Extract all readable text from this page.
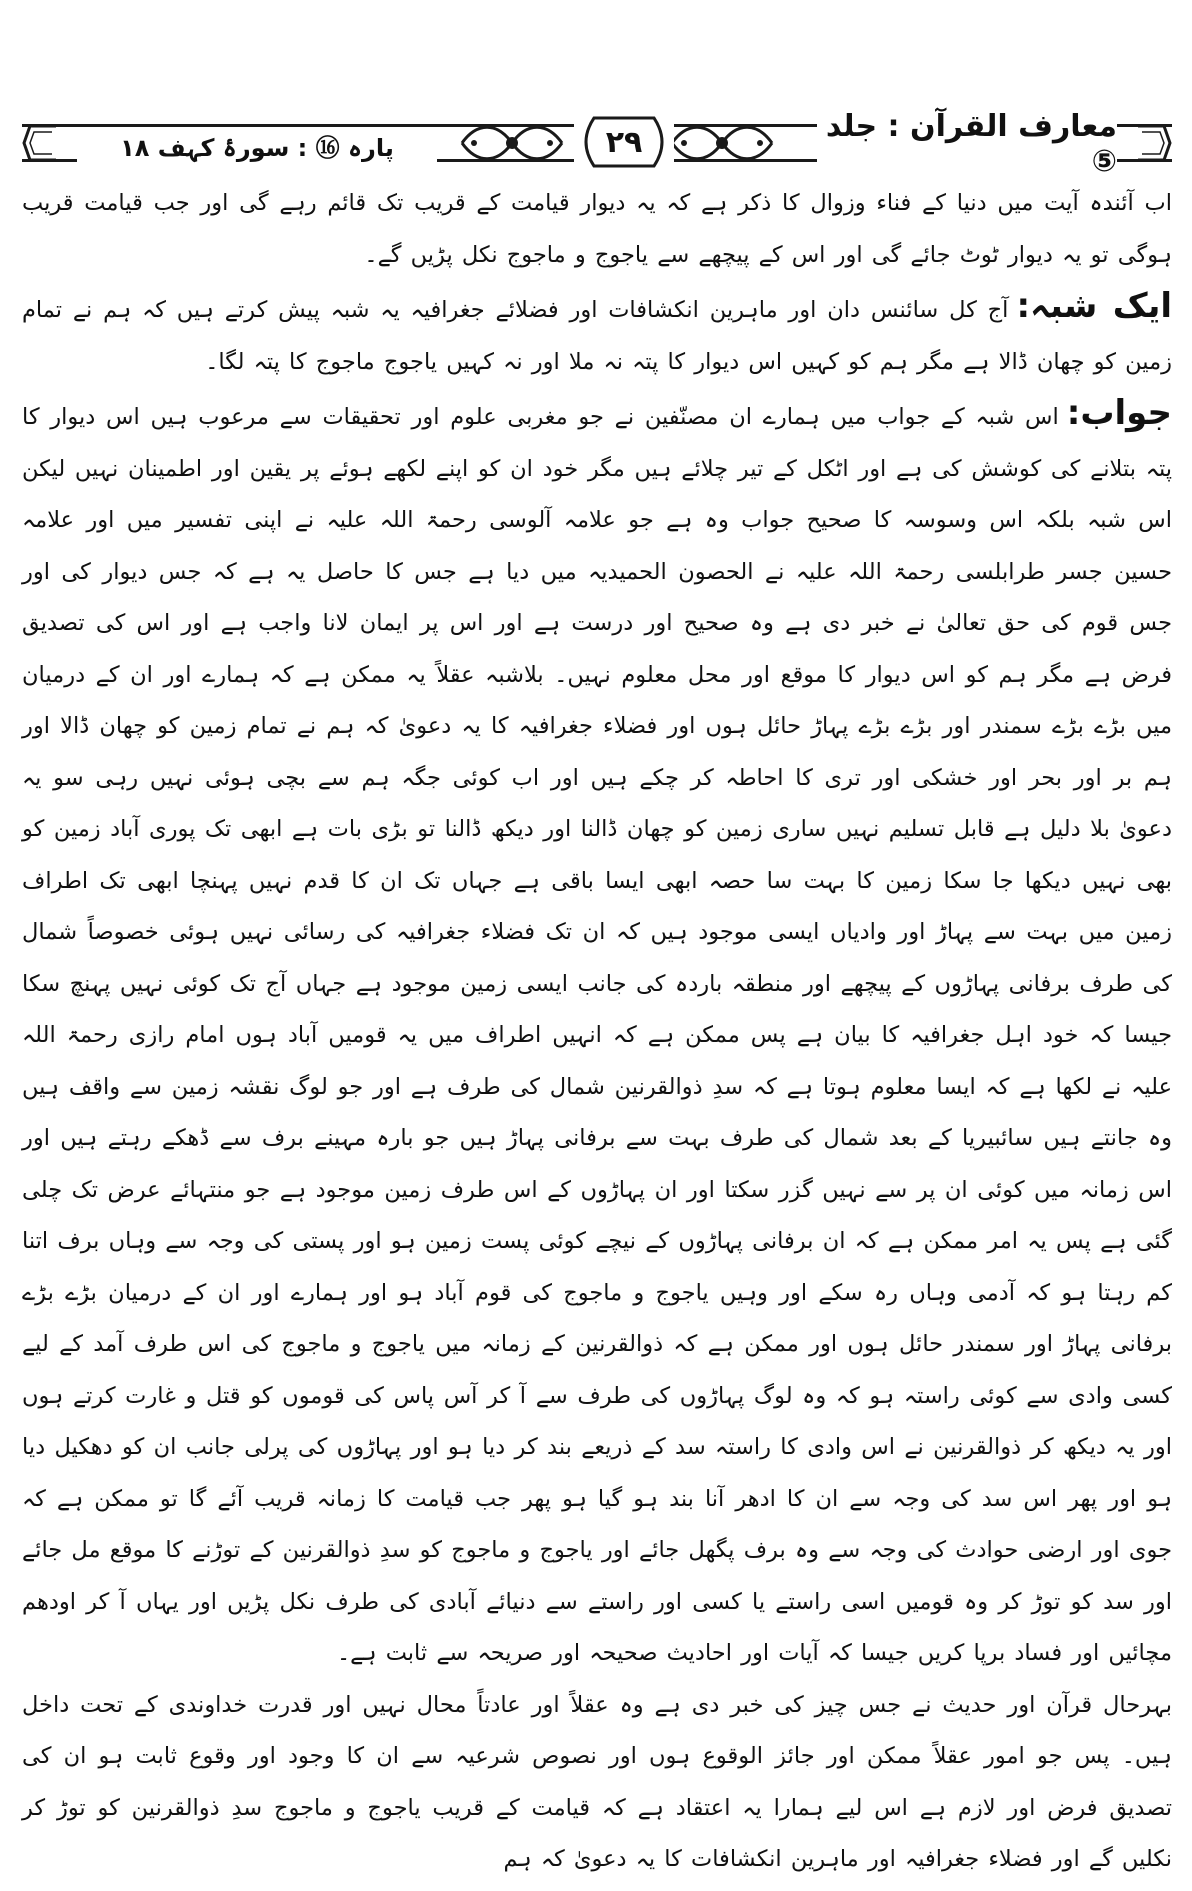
۲۹
پارہ ⑯ : سورۂ کہف ۱۸
معارف القرآن : جلد ⑤

اب آئندہ آیت میں دنیا کے فناء وزوال کا ذکر ہے کہ یہ دیوار قیامت کے قریب تک قائم رہے گی اور جب قیامت قریب ہوگی تو یہ دیوار ٹوٹ جائے گی اور اس کے پیچھے سے یاجوج و ماجوج نکل پڑیں گے۔

ایک شبہ:آج کل سائنس دان اور ماہرین انکشافات اور فضلائے جغرافیہ یہ شبہ پیش کرتے ہیں کہ ہم نے تمام زمین کو چھان ڈالا ہے مگر ہم کو کہیں اس دیوار کا پتہ نہ ملا اور نہ کہیں یاجوج ماجوج کا پتہ لگا۔

جواب:اس شبہ کے جواب میں ہمارے ان مصنّفین نے جو مغربی علوم اور تحقیقات سے مرعوب ہیں اس دیوار کا پتہ بتلانے کی کوشش کی ہے اور اٹکل کے تیر چلائے ہیں مگر خود ان کو اپنے لکھے ہوئے پر یقین اور اطمینان نہیں لیکن اس شبہ بلکہ اس وسوسہ کا صحیح جواب وہ ہے جو علامہ آلوسی رحمۃ اللہ علیہ نے اپنی تفسیر میں اور علامہ حسین جسر طرابلسی رحمۃ اللہ علیہ نے الحصون الحمیدیہ میں دیا ہے جس کا حاصل یہ ہے کہ جس دیوار کی اور جس قوم کی حق تعالیٰ نے خبر دی ہے وہ صحیح اور درست ہے اور اس پر ایمان لانا واجب ہے اور اس کی تصدیق فرض ہے مگر ہم کو اس دیوار کا موقع اور محل معلوم نہیں۔ بلاشبہ عقلاً یہ ممکن ہے کہ ہمارے اور ان کے درمیان میں بڑے بڑے سمندر اور بڑے بڑے پہاڑ حائل ہوں اور فضلاء جغرافیہ کا یہ دعویٰ کہ ہم نے تمام زمین کو چھان ڈالا اور ہم بر اور بحر اور خشکی اور تری کا احاطہ کر چکے ہیں اور اب کوئی جگہ ہم سے بچی ہوئی نہیں رہی سو یہ دعویٰ بلا دلیل ہے قابل تسلیم نہیں ساری زمین کو چھان ڈالنا اور دیکھ ڈالنا تو بڑی بات ہے ابھی تک پوری آباد زمین کو بھی نہیں دیکھا جا سکا زمین کا بہت سا حصہ ابھی ایسا باقی ہے جہاں تک ان کا قدم نہیں پہنچا ابھی تک اطراف زمین میں بہت سے پہاڑ اور وادیاں ایسی موجود ہیں کہ ان تک فضلاء جغرافیہ کی رسائی نہیں ہوئی خصوصاً شمال کی طرف برفانی پہاڑوں کے پیچھے اور منطقہ باردہ کی جانب ایسی زمین موجود ہے جہاں آج تک کوئی نہیں پہنچ سکا جیسا کہ خود اہل جغرافیہ کا بیان ہے پس ممکن ہے کہ انہیں اطراف میں یہ قومیں آباد ہوں امام رازی رحمۃ اللہ علیہ نے لکھا ہے کہ ایسا معلوم ہوتا ہے کہ سدِ ذوالقرنین شمال کی طرف ہے اور جو لوگ نقشہ زمین سے واقف ہیں وہ جانتے ہیں سائبیریا کے بعد شمال کی طرف بہت سے برفانی پہاڑ ہیں جو بارہ مہینے برف سے ڈھکے رہتے ہیں اور اس زمانہ میں کوئی ان پر سے نہیں گزر سکتا اور ان پہاڑوں کے اس طرف زمین موجود ہے جو منتہائے عرض تک چلی گئی ہے پس یہ امر ممکن ہے کہ ان برفانی پہاڑوں کے نیچے کوئی پست زمین ہو اور پستی کی وجہ سے وہاں برف اتنا کم رہتا ہو کہ آدمی وہاں رہ سکے اور وہیں یاجوج و ماجوج کی قوم آباد ہو اور ہمارے اور ان کے درمیان بڑے بڑے برفانی پہاڑ اور سمندر حائل ہوں اور ممکن ہے کہ ذوالقرنین کے زمانہ میں یاجوج و ماجوج کی اس طرف آمد کے لیے کسی وادی سے کوئی راستہ ہو کہ وہ لوگ پہاڑوں کی طرف سے آ کر آس پاس کی قوموں کو قتل و غارت کرتے ہوں اور یہ دیکھ کر ذوالقرنین نے اس وادی کا راستہ سد کے ذریعے بند کر دیا ہو اور پہاڑوں کی پرلی جانب ان کو دھکیل دیا ہو اور پھر اس سد کی وجہ سے ان کا ادھر آنا بند ہو گیا ہو پھر جب قیامت کا زمانہ قریب آئے گا تو ممکن ہے کہ جوی اور ارضی حوادث کی وجہ سے وہ برف پگھل جائے اور یاجوج و ماجوج کو سدِ ذوالقرنین کے توڑنے کا موقع مل جائے اور سد کو توڑ کر وہ قومیں اسی راستے یا کسی اور راستے سے دنیائے آبادی کی طرف نکل پڑیں اور یہاں آ کر اودھم مچائیں اور فساد برپا کریں جیسا کہ آیات اور احادیث صحیحہ اور صریحہ سے ثابت ہے۔

بہرحال قرآن اور حدیث نے جس چیز کی خبر دی ہے وہ عقلاً اور عادتاً محال نہیں اور قدرت خداوندی کے تحت داخل ہیں۔ پس جو امور عقلاً ممکن اور جائز الوقوع ہوں اور نصوص شرعیہ سے ان کا وجود اور وقوع ثابت ہو ان کی تصدیق فرض اور لازم ہے اس لیے ہمارا یہ اعتقاد ہے کہ قیامت کے قریب یاجوج و ماجوج سدِ ذوالقرنین کو توڑ کر نکلیں گے اور فضلاء جغرافیہ اور ماہرین انکشافات کا یہ دعویٰ کہ ہم
